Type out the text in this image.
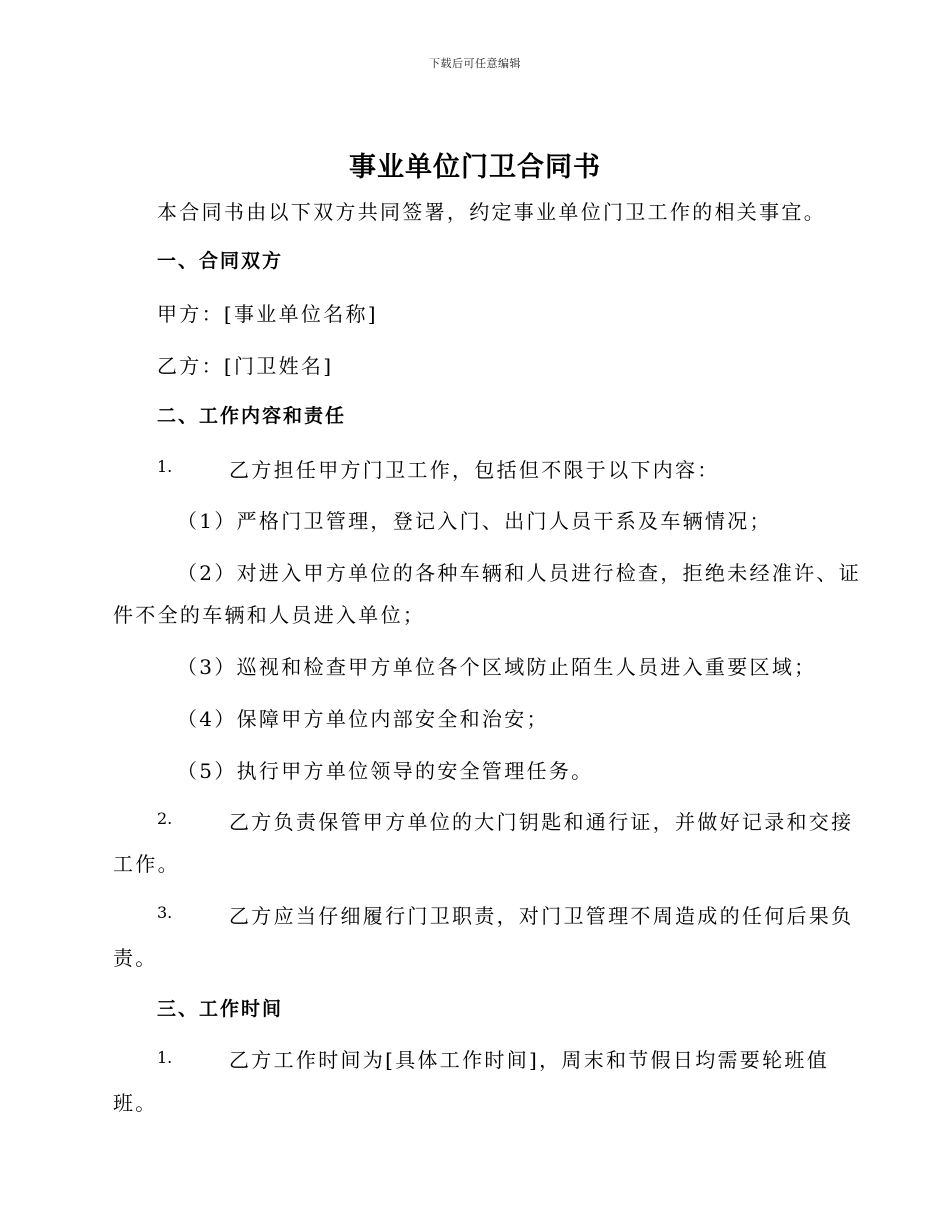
下载后可任意编辑
事业单位门卫合同书
本合同书由以下双方共同签署，约定事业单位门卫工作的相关事宜。
一、合同双方
甲方：[事业单位名称]
乙方：[门卫姓名]
二、工作内容和责任
1.	乙方担任甲方门卫工作，包括但不限于以下内容：
（1）严格门卫管理，登记入门、出门人员干系及车辆情况；
（2）对进入甲方单位的各种车辆和人员进行检查，拒绝未经准许、证
件不全的车辆和人员进入单位；
（3）巡视和检查甲方单位各个区域防止陌生人员进入重要区域；
（4）保障甲方单位内部安全和治安；
（5）执行甲方单位领导的安全管理任务。
2.	乙方负责保管甲方单位的大门钥匙和通行证，并做好记录和交接
工作。
3.	乙方应当仔细履行门卫职责，对门卫管理不周造成的任何后果负
责。
三、工作时间
1.	乙方工作时间为[具体工作时间]，周末和节假日均需要轮班值
班。
